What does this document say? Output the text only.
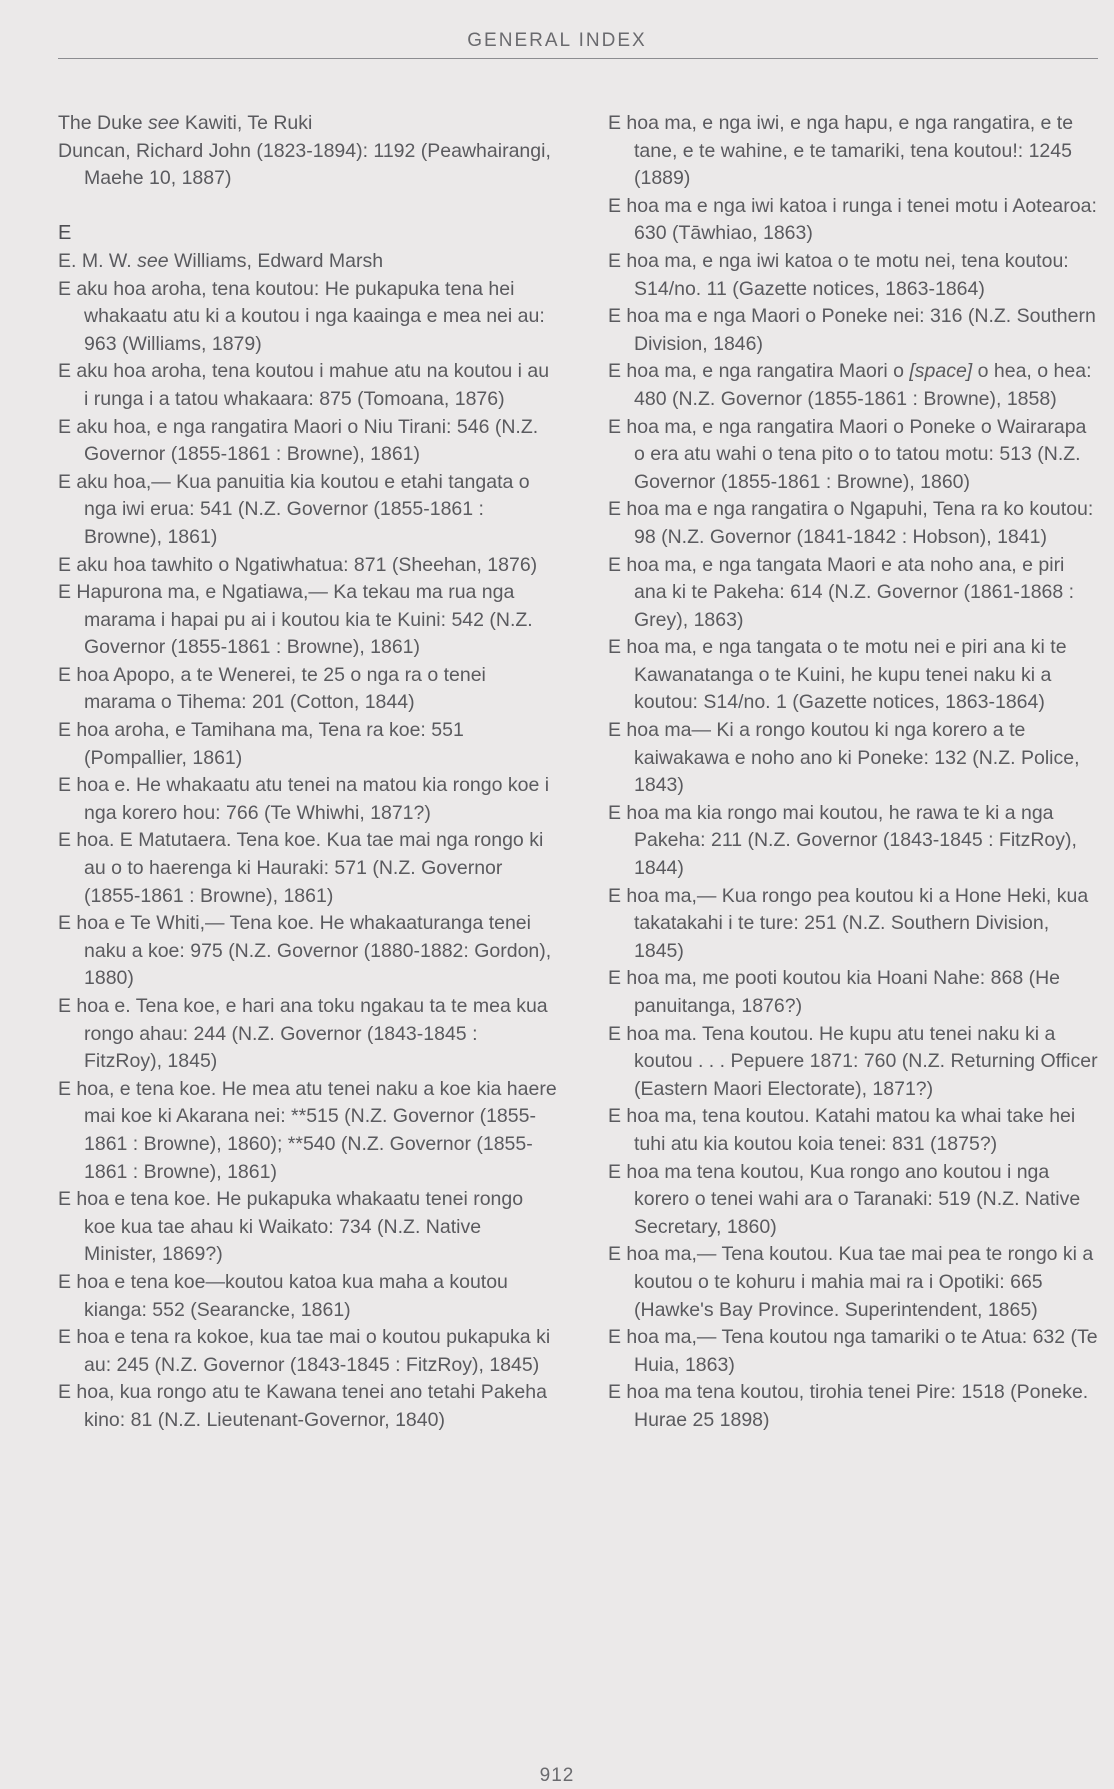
GENERAL INDEX

The Duke see Kawiti, Te Ruki

Duncan, Richard John (1823-1894): 1192 (Peawhairangi, Maehe 10, 1887)

E

E. M. W. see Williams, Edward Marsh

E aku hoa aroha, tena koutou: He pukapuka tena hei whakaatu atu ki a koutou i nga kaainga e mea nei au: 963 (Williams, 1879)

E aku hoa aroha, tena koutou i mahue atu na koutou i au i runga i a tatou whakaara: 875 (Tomoana, 1876)

E aku hoa, e nga rangatira Maori o Niu Tirani: 546 (N.Z. Governor (1855-1861 : Browne), 1861)

E aku hoa,— Kua panuitia kia koutou e etahi tangata o nga iwi erua: 541 (N.Z. Governor (1855-1861 : Browne), 1861)

E aku hoa tawhito o Ngatiwhatua: 871 (Sheehan, 1876)

E Hapurona ma, e Ngatiawa,— Ka tekau ma rua nga marama i hapai pu ai i koutou kia te Kuini: 542 (N.Z. Governor (1855-1861 : Browne), 1861)

E hoa Apopo, a te Wenerei, te 25 o nga ra o tenei marama o Tihema: 201 (Cotton, 1844)

E hoa aroha, e Tamihana ma, Tena ra koe: 551 (Pompallier, 1861)

E hoa e. He whakaatu atu tenei na matou kia rongo koe i nga korero hou: 766 (Te Whiwhi, 1871?)

E hoa. E Matutaera. Tena koe. Kua tae mai nga rongo ki au o to haerenga ki Hauraki: 571 (N.Z. Governor (1855-1861 : Browne), 1861)

E hoa e Te Whiti,— Tena koe. He whakaaturanga tenei naku a koe: 975 (N.Z. Governor (1880-1882: Gordon), 1880)

E hoa e. Tena koe, e hari ana toku ngakau ta te mea kua rongo ahau: 244 (N.Z. Governor (1843-1845 : FitzRoy), 1845)

E hoa, e tena koe. He mea atu tenei naku a koe kia haere mai koe ki Akarana nei: **515 (N.Z. Governor (1855-1861 : Browne), 1860); **540 (N.Z. Governor (1855-1861 : Browne), 1861)

E hoa e tena koe. He pukapuka whakaatu tenei rongo koe kua tae ahau ki Waikato: 734 (N.Z. Native Minister, 1869?)

E hoa e tena koe—koutou katoa kua maha a koutou kianga: 552 (Searancke, 1861)

E hoa e tena ra kokoe, kua tae mai o koutou pukapuka ki au: 245 (N.Z. Governor (1843-1845 : FitzRoy), 1845)

E hoa, kua rongo atu te Kawana tenei ano tetahi Pakeha kino: 81 (N.Z. Lieutenant-Governor, 1840)

E hoa ma, e nga iwi, e nga hapu, e nga rangatira, e te tane, e te wahine, e te tamariki, tena koutou!: 1245 (1889)

E hoa ma e nga iwi katoa i runga i tenei motu i Aotearoa: 630 (Tāwhiao, 1863)

E hoa ma, e nga iwi katoa o te motu nei, tena koutou: S14/no. 11 (Gazette notices, 1863-1864)

E hoa ma e nga Maori o Poneke nei: 316 (N.Z. Southern Division, 1846)

E hoa ma, e nga rangatira Maori o [space] o hea, o hea: 480 (N.Z. Governor (1855-1861 : Browne), 1858)

E hoa ma, e nga rangatira Maori o Poneke o Wairarapa o era atu wahi o tena pito o to tatou motu: 513 (N.Z. Governor (1855-1861 : Browne), 1860)

E hoa ma e nga rangatira o Ngapuhi, Tena ra ko koutou: 98 (N.Z. Governor (1841-1842 : Hobson), 1841)

E hoa ma, e nga tangata Maori e ata noho ana, e piri ana ki te Pakeha: 614 (N.Z. Governor (1861-1868 : Grey), 1863)

E hoa ma, e nga tangata o te motu nei e piri ana ki te Kawanatanga o te Kuini, he kupu tenei naku ki a koutou: S14/no. 1 (Gazette notices, 1863-1864)

E hoa ma— Ki a rongo koutou ki nga korero a te kaiwakawa e noho ano ki Poneke: 132 (N.Z. Police, 1843)

E hoa ma kia rongo mai koutou, he rawa te ki a nga Pakeha: 211 (N.Z. Governor (1843-1845 : FitzRoy), 1844)

E hoa ma,— Kua rongo pea koutou ki a Hone Heki, kua takatakahi i te ture: 251 (N.Z. Southern Division, 1845)

E hoa ma, me pooti koutou kia Hoani Nahe: 868 (He panuitanga, 1876?)

E hoa ma. Tena koutou. He kupu atu tenei naku ki a koutou . . . Pepuere 1871: 760 (N.Z. Returning Officer (Eastern Maori Electorate), 1871?)

E hoa ma, tena koutou. Katahi matou ka whai take hei tuhi atu kia koutou koia tenei: 831 (1875?)

E hoa ma tena koutou, Kua rongo ano koutou i nga korero o tenei wahi ara o Taranaki: 519 (N.Z. Native Secretary, 1860)

E hoa ma,— Tena koutou. Kua tae mai pea te rongo ki a koutou o te kohuru i mahia mai ra i Opotiki: 665 (Hawke's Bay Province. Superintendent, 1865)

E hoa ma,— Tena koutou nga tamariki o te Atua: 632 (Te Huia, 1863)

E hoa ma tena koutou, tirohia tenei Pire: 1518 (Poneke. Hurae 25 1898)

912
